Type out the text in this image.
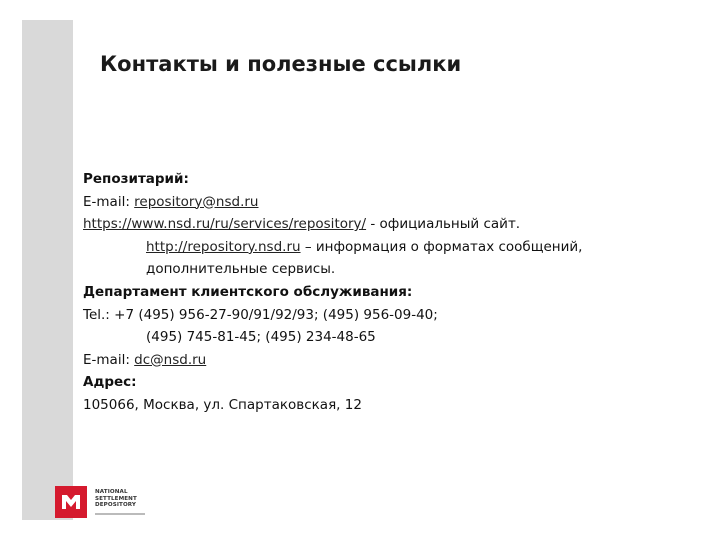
Контакты и полезные ссылки
Репозитарий:
E-mail: repository@nsd.ru
https://www.nsd.ru/ru/services/repository/ - официальный сайт.
http://repository.nsd.ru – информация о форматах сообщений,
дополнительные сервисы.
Департамент клиентского обслуживания:
Tel.: +7 (495) 956-27-90/91/92/93; (495) 956-09-40;
(495) 745-81-45; (495) 234-48-65
E-mail: dc@nsd.ru
Адрес:
105066, Москва, ул. Спартаковская, 12
NATIONAL
SETTLEMENT
DEPOSITORY
